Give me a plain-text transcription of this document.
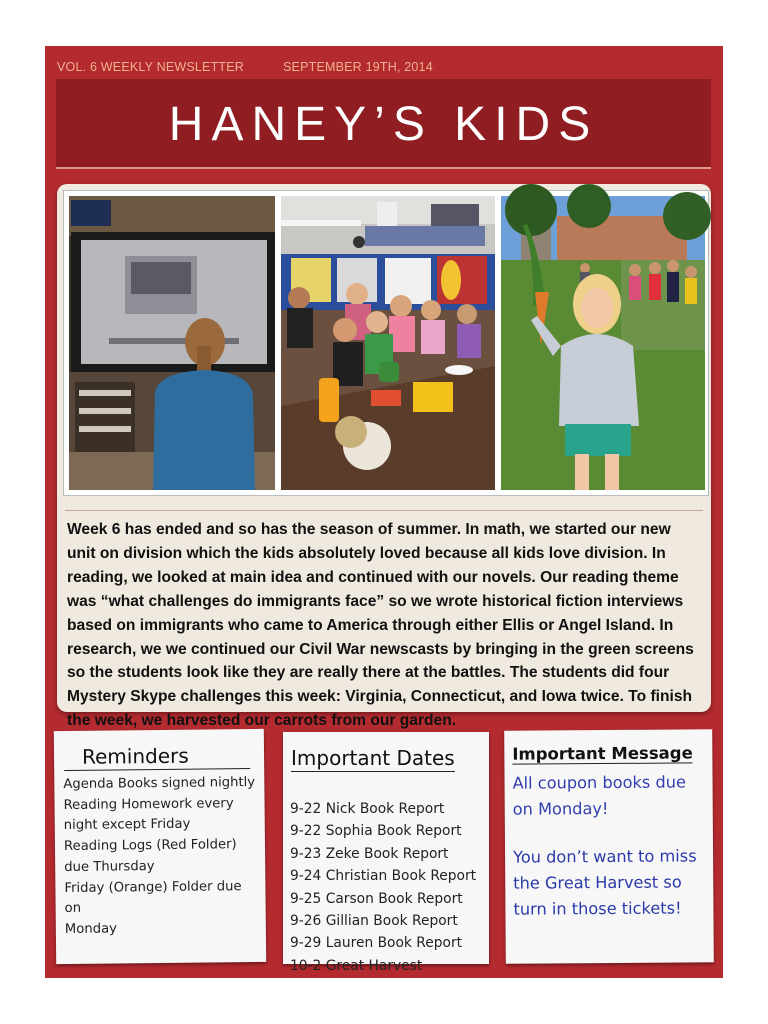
VOL. 6 WEEKLY NEWSLETTER	SEPTEMBER 19TH, 2014
HANEY’S KIDS
Week 6 has ended and so has the season of summer. In math, we started our new unit on division which the kids absolutely loved because all kids love division. In reading, we looked at main idea and continued with our novels. Our reading theme was “what challenges do immigrants face” so we wrote historical fiction interviews based on immigrants who came to America through either Ellis or Angel Island. In research, we we continued our Civil War newscasts by bringing in the green screens so the students look like they are really there at the battles. The students did four Mystery Skype challenges this week: Virginia, Connecticut, and Iowa twice. To finish the week, we harvested our carrots from our garden.
Reminders
Agenda Books signed nightly
Reading Homework every
night except Friday
Reading Logs (Red Folder)
due Thursday
Friday (Orange) Folder due on
Monday
Important Dates
9-22 Nick Book Report
9-22 Sophia Book Report
9-23 Zeke Book Report
9-24 Christian Book Report
9-25 Carson Book Report
9-26 Gillian Book Report
9-29 Lauren Book Report
10-2 Great Harvest
Important Message
All coupon books due on Monday!
You don’t want to miss the Great Harvest so turn in those tickets!
